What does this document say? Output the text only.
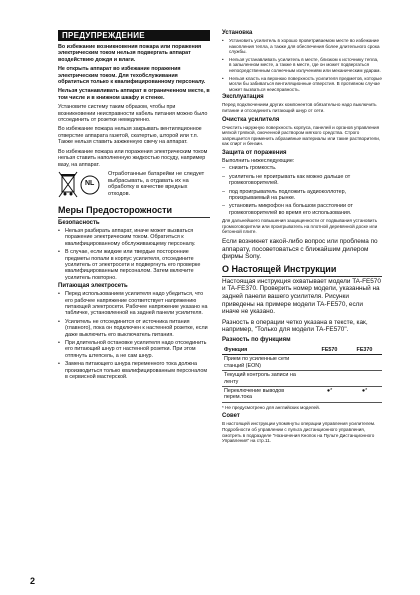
ПРЕДУПРЕЖДЕНИЕ

Во избежание возникновения пожара или поражения электрическим током нельзя подвергать аппарат воздействию дождя и влаги.

Не открыть аппарат во избежание поражения электрическим током. Для техобслуживания обратиться только к квалифицированному персоналу.

Нельзя устанавливать аппарат в ограниченном месте, в том числе и в книжном шкафу и стенке.

Установите систему таким образом, чтобы при возникновении неисправности кабель питания можно было отсоединить от розетки немедленно.

Во избежание пожара нельзя закрывать вентиляционное отверстие аппарата газетой, скатертью, шторой или т.п. Также нельзя ставить зажженную свечу на аппарат.

Во избежание пожара или поражения электрическим током нельзя ставить наполненную жидкостью посуду, например вазу, на аппарат.

NL
Отработанные батарейки не следует выбрасывать, а отдавать их на обработку в качестве вредных отходов.
Меры Предосторожности
Безопасность
• Нельзя разбирать аппарат, иначе может вызваться поражение электрическим током. Обратиться к квалифицированному обслуживающему персоналу.
• В случае, если жидкие или твердые посторонние предметы попали в корпус усилителя, отсоедините усилитель от электросети и подвергнуть его проверке квалифицированным персоналом. Затем включите усилитель повторно.
Питающая электросеть
• Перед использованием усилителя надо убедиться, что его рабочее напряжение соответствует напряжению питающей электросети. Рабочее напряжение указано на табличке, установленной на задней панели усилителя.
• Усилитель не отсоединится от источника питания (главного), пока он подключен к настенной розетке, если даже выключить его выключатель питания.
• При длительной остановке усилителя надо отсоединить его питающий шнур от настенной розетки. При этом отпянуть штепсель, а не сам шнур.
• Замена питающего шнура переменного тока должна производиться только квалифицированным персоналом в сервисной мастерской.
Установка
• Установить усилитель в хорошо проветриваемом месте во избежание накопления тепла, а также для обеспечения более длительного срока службы.
• Нельзя устанавливать усилитель в месте, близком к источнику тепла, в запыленном месте, а также в месте, где он может подвергаться непосредственным солнечным излучениям или механическим ударам.
• Нельзя класть на верхнюю поверхность усилителя предметов, которые могли бы забиваться вентиляционные отверстия. В противном случае может вызваться неисправность.
Эксплуатация

Перед подключением других компонентов обязательно надо выключить питание и отсоединить питающий шнур от сети.

Очистка усилителя

Очистить наружную поверхность корпуса, панелей и органов управления мягкой тряпкой, смоченной раствором мягкого средства. Строго запрещается применить абразивные материалы или такие растворители, как спирт и бензин.

Защита от поражения

Выполнить нижеследующие:

– снизить громкость.
– усилитель не проигрывать как можно дальше от громкоговорителей.
– под проигрыватель подложить аудиоколлотер, произрываемый на рынке.
– установить микрофон на большом расстоянии от громкоговорителей во время его использования.

Для дальнейшего повышения защищенности от подвывания установить громкоговорители или проигрыватель на плотной деревянной доске или бетонной плите.

Если возникнет какой-либо вопрос или проблема по аппарату, посоветоваться с ближайшим дилером фирмы Sony.

О Настоящей Инструкции

Настоящая инструкция охватывает модели TA-FE570 и TA-FE370. Проверить номер модели, указанный на задней панели вашего усилителя. Рисунки приведены на примере модели TA-FE570, если иначе не указано.

Разность в операции четко указана в тексте, как, например, "Только для модели TA-FE570".

Разность по функциям
Функция	FE570	FE370
Прием по усиленные сети станций (EON)		
Текущий контроль записи на ленту		
Переключение выводов перем.тока	●*	●*

* Не предусмотрено для английских моделей.

Совет

В настоящей инструкции упомянуты операции управления усилителем. Подробности об управлении с пульта дистанционного управления, смотреть в подразделе "Назначения Кнопок на Пульте Дистанционного Управления" на стр.11.

2
